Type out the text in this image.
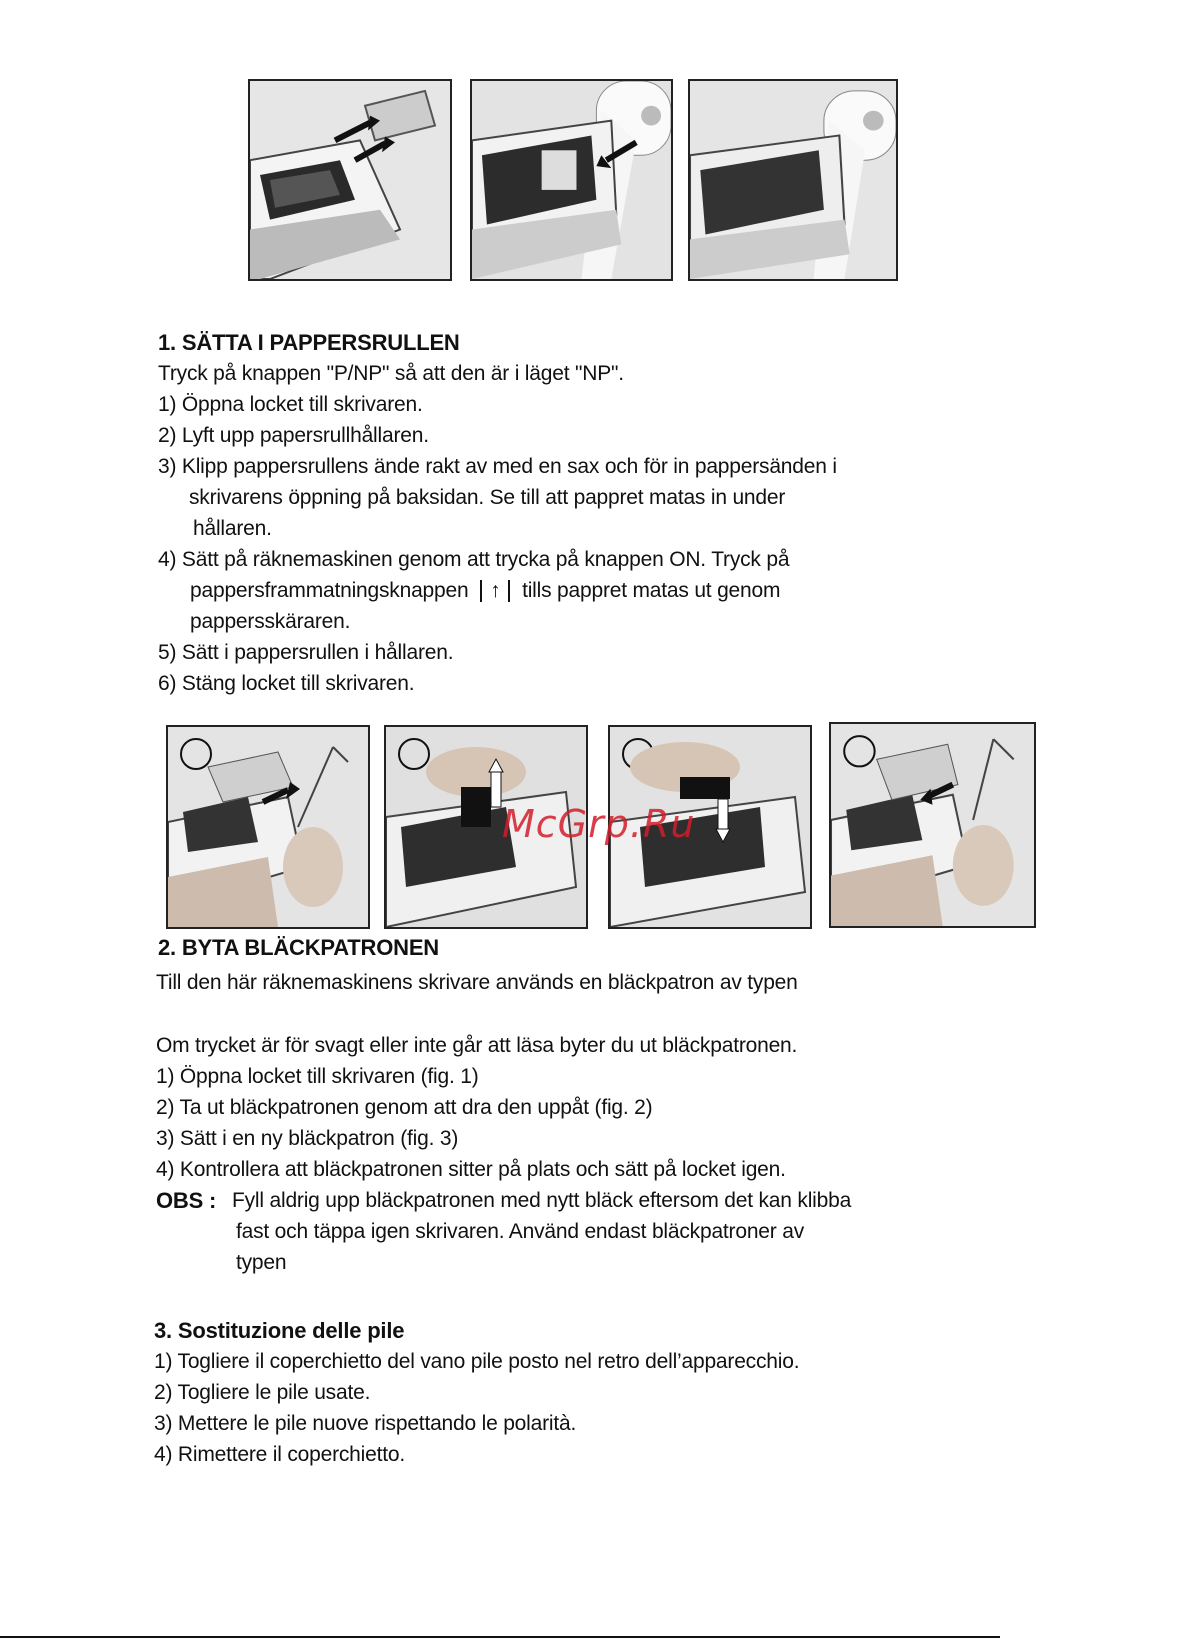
1. SÄTTA I PAPPERSRULLEN
Tryck på knappen "P/NP" så att den är i läget "NP".
1) Öppna locket till skrivaren.
2) Lyft upp papersrullhållaren.
3) Klipp pappersrullens ände rakt av med en sax och för in pappersänden i
skrivarens öppning på baksidan. Se till att pappret matas in under
hållaren.
4) Sätt på räknemaskinen genom att trycka på knappen ON. Tryck på
pappersframmatningsknappen ↑ tills pappret matas ut genom
pappersskäraren.
5) Sätt i pappersrullen i hållaren.
6) Stäng locket till skrivaren.
McGrp.Ru
2. BYTA BLÄCKPATRONEN
Till den här räknemaskinens skrivare används en bläckpatron av typen
Om trycket är för svagt eller inte går att läsa byter du ut bläckpatronen.
1) Öppna locket till skrivaren (fig. 1)
2) Ta ut bläckpatronen genom att dra den uppåt (fig. 2)
3) Sätt i en ny bläckpatron (fig. 3)
4) Kontrollera att bläckpatronen sitter på plats och sätt på locket igen.
OBS : Fyll aldrig upp bläckpatronen med nytt bläck eftersom det kan klibba
fast och täppa igen skrivaren. Använd endast bläckpatroner av
typen
3. Sostituzione delle pile
1) Togliere il coperchietto del vano pile posto nel retro dell’apparecchio.
2) Togliere le pile usate.
3) Mettere le pile nuove rispettando le polarità.
4) Rimettere il coperchietto.
